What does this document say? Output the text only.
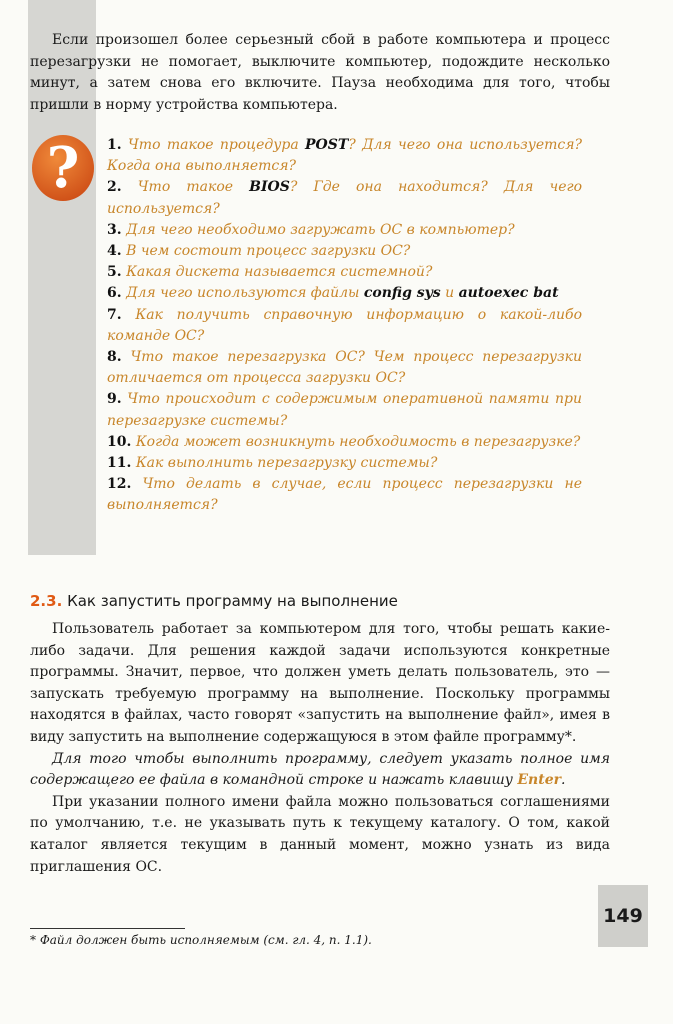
Если произошел более серьезный сбой в работе компьютера и процесс перезагрузки не помогает, выключите компьютер, подождите несколько минут, а затем снова его включите. Пауза необходима для того, чтобы пришли в норму устройства компьютера.
?	1. Что такое процедура POST? Для чего она используется? Когда она выполняется?
2. Что такое BIOS? Где она находится? Для чего используется?
3. Для чего необходимо загружать ОС в компьютер?
4. В чем состоит процесс загрузки ОС?
5. Какая дискета называется системной?
6. Для чего используются файлы config sys и autoexec bat
7. Как получить справочную информацию о какой-либо команде ОС?
8. Что такое перезагрузка ОС? Чем процесс перезагрузки отличается от процесса загрузки ОС?
9. Что происходит с содержимым оперативной памяти при перезагрузке системы?
10. Когда может возникнуть необходимость в перезагрузке?
11. Как выполнить перезагрузку системы?
12. Что делать в случае, если процесс перезагрузки не выполняется?
2.3. Как запустить программу на выполнение
Пользователь работает за компьютером для того, чтобы решать какие-либо задачи. Для решения каждой задачи используются конкретные программы. Значит, первое, что должен уметь делать пользователь, это — запускать требуемую программу на выполнение. Поскольку программы находятся в файлах, часто говорят «запустить на выполнение файл», имея в виду запустить на выполнение содержащуюся в этом файле программу*.
Для того чтобы выполнить программу, следует указать полное имя содержащего ее файла в командной строке и нажать клавишу Enter.
При указании полного имени файла можно пользоваться соглашениями по умолчанию, т.е. не указывать путь к текущему каталогу. О том, какой каталог является текущим в данный момент, можно узнать из вида приглашения ОС.
149
* Файл должен быть исполняемым (см. гл. 4, п. 1.1).
